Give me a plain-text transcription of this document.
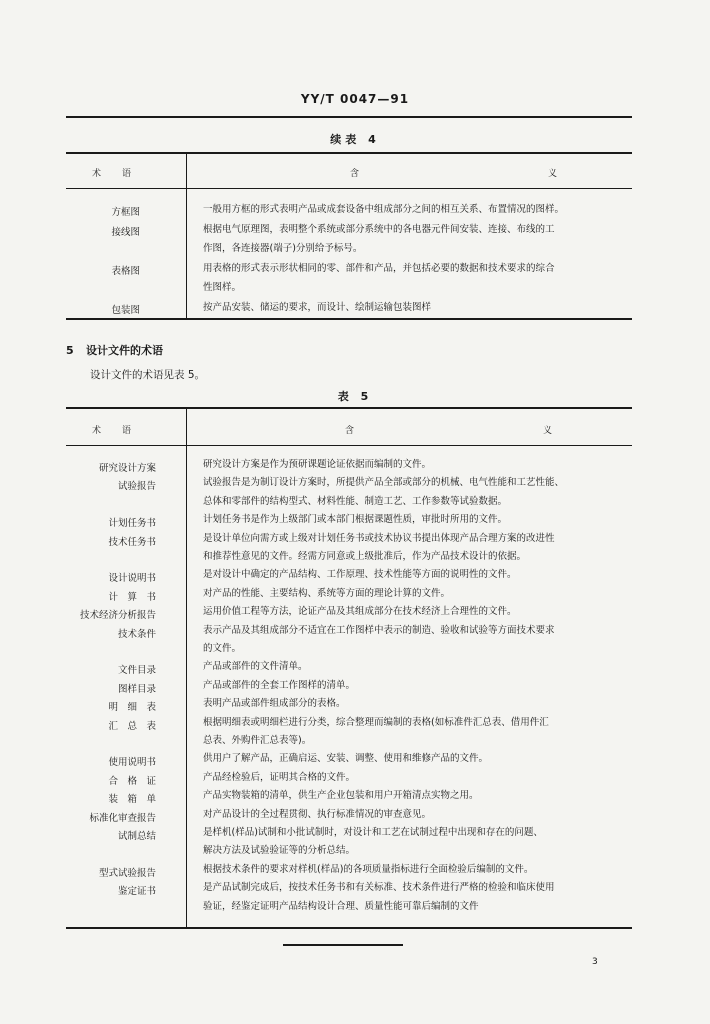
YY/T 0047—91
续表 4
术　语	含　义
方框图	一般用方框的形式表明产品或成套设备中组成部分之间的相互关系、布置情况的图样。
接线图	根据电气原理图，表明整个系统或部分系统中的各电器元件间安装、连接、布线的工
作图，各连接器(端子)分别给予标号。
表格图	用表格的形式表示形状相同的零、部件和产品，并包括必要的数据和技术要求的综合
性图样。
包装图	按产品安装、储运的要求，而设计、绘制运输包装图样
5 设计文件的术语
设计文件的术语见表 5。
表 5
术　语	含　义
研究设计方案	研究设计方案是作为预研课题论证依据而编制的文件。
试验报告	试验报告是为制订设计方案时，所提供产品全部或部分的机械、电气性能和工艺性能、
总体和零部件的结构型式、材料性能、制造工艺、工作参数等试验数据。
计划任务书	计划任务书是作为上级部门或本部门根据课题性质，审批时所用的文件。
技术任务书	是设计单位向需方或上级对计划任务书或技术协议书提出体现产品合理方案的改进性
和推荐性意见的文件。经需方同意或上级批准后，作为产品技术设计的依据。
设计说明书	是对设计中确定的产品结构、工作原理、技术性能等方面的说明性的文件。
计　算　书	对产品的性能、主要结构、系统等方面的理论计算的文件。
技术经济分析报告	运用价值工程等方法，论证产品及其组成部分在技术经济上合理性的文件。
技术条件	表示产品及其组成部分不适宜在工作图样中表示的制造、验收和试验等方面技术要求
的文件。
文件目录	产品或部件的文件清单。
图样目录	产品或部件的全套工作图样的清单。
明　细　表	表明产品或部件组成部分的表格。
汇　总　表	根据明细表或明细栏进行分类，综合整理而编制的表格(如标准件汇总表、借用件汇
总表、外购件汇总表等)。
使用说明书	供用户了解产品，正确启运、安装、调整、使用和维修产品的文件。
合　格　证	产品经检验后，证明其合格的文件。
装　箱　单	产品实物装箱的清单，供生产企业包装和用户开箱清点实物之用。
标准化审查报告	对产品设计的全过程贯彻、执行标准情况的审查意见。
试制总结	是样机(样品)试制和小批试制时，对设计和工艺在试制过程中出现和存在的问题、
解决方法及试验验证等的分析总结。
型式试验报告	根据技术条件的要求对样机(样品)的各项质量指标进行全面检验后编制的文件。
鉴定证书	是产品试制完成后，按技术任务书和有关标准、技术条件进行严格的检验和临床使用
验证，经鉴定证明产品结构设计合理、质量性能可靠后编制的文件
3
